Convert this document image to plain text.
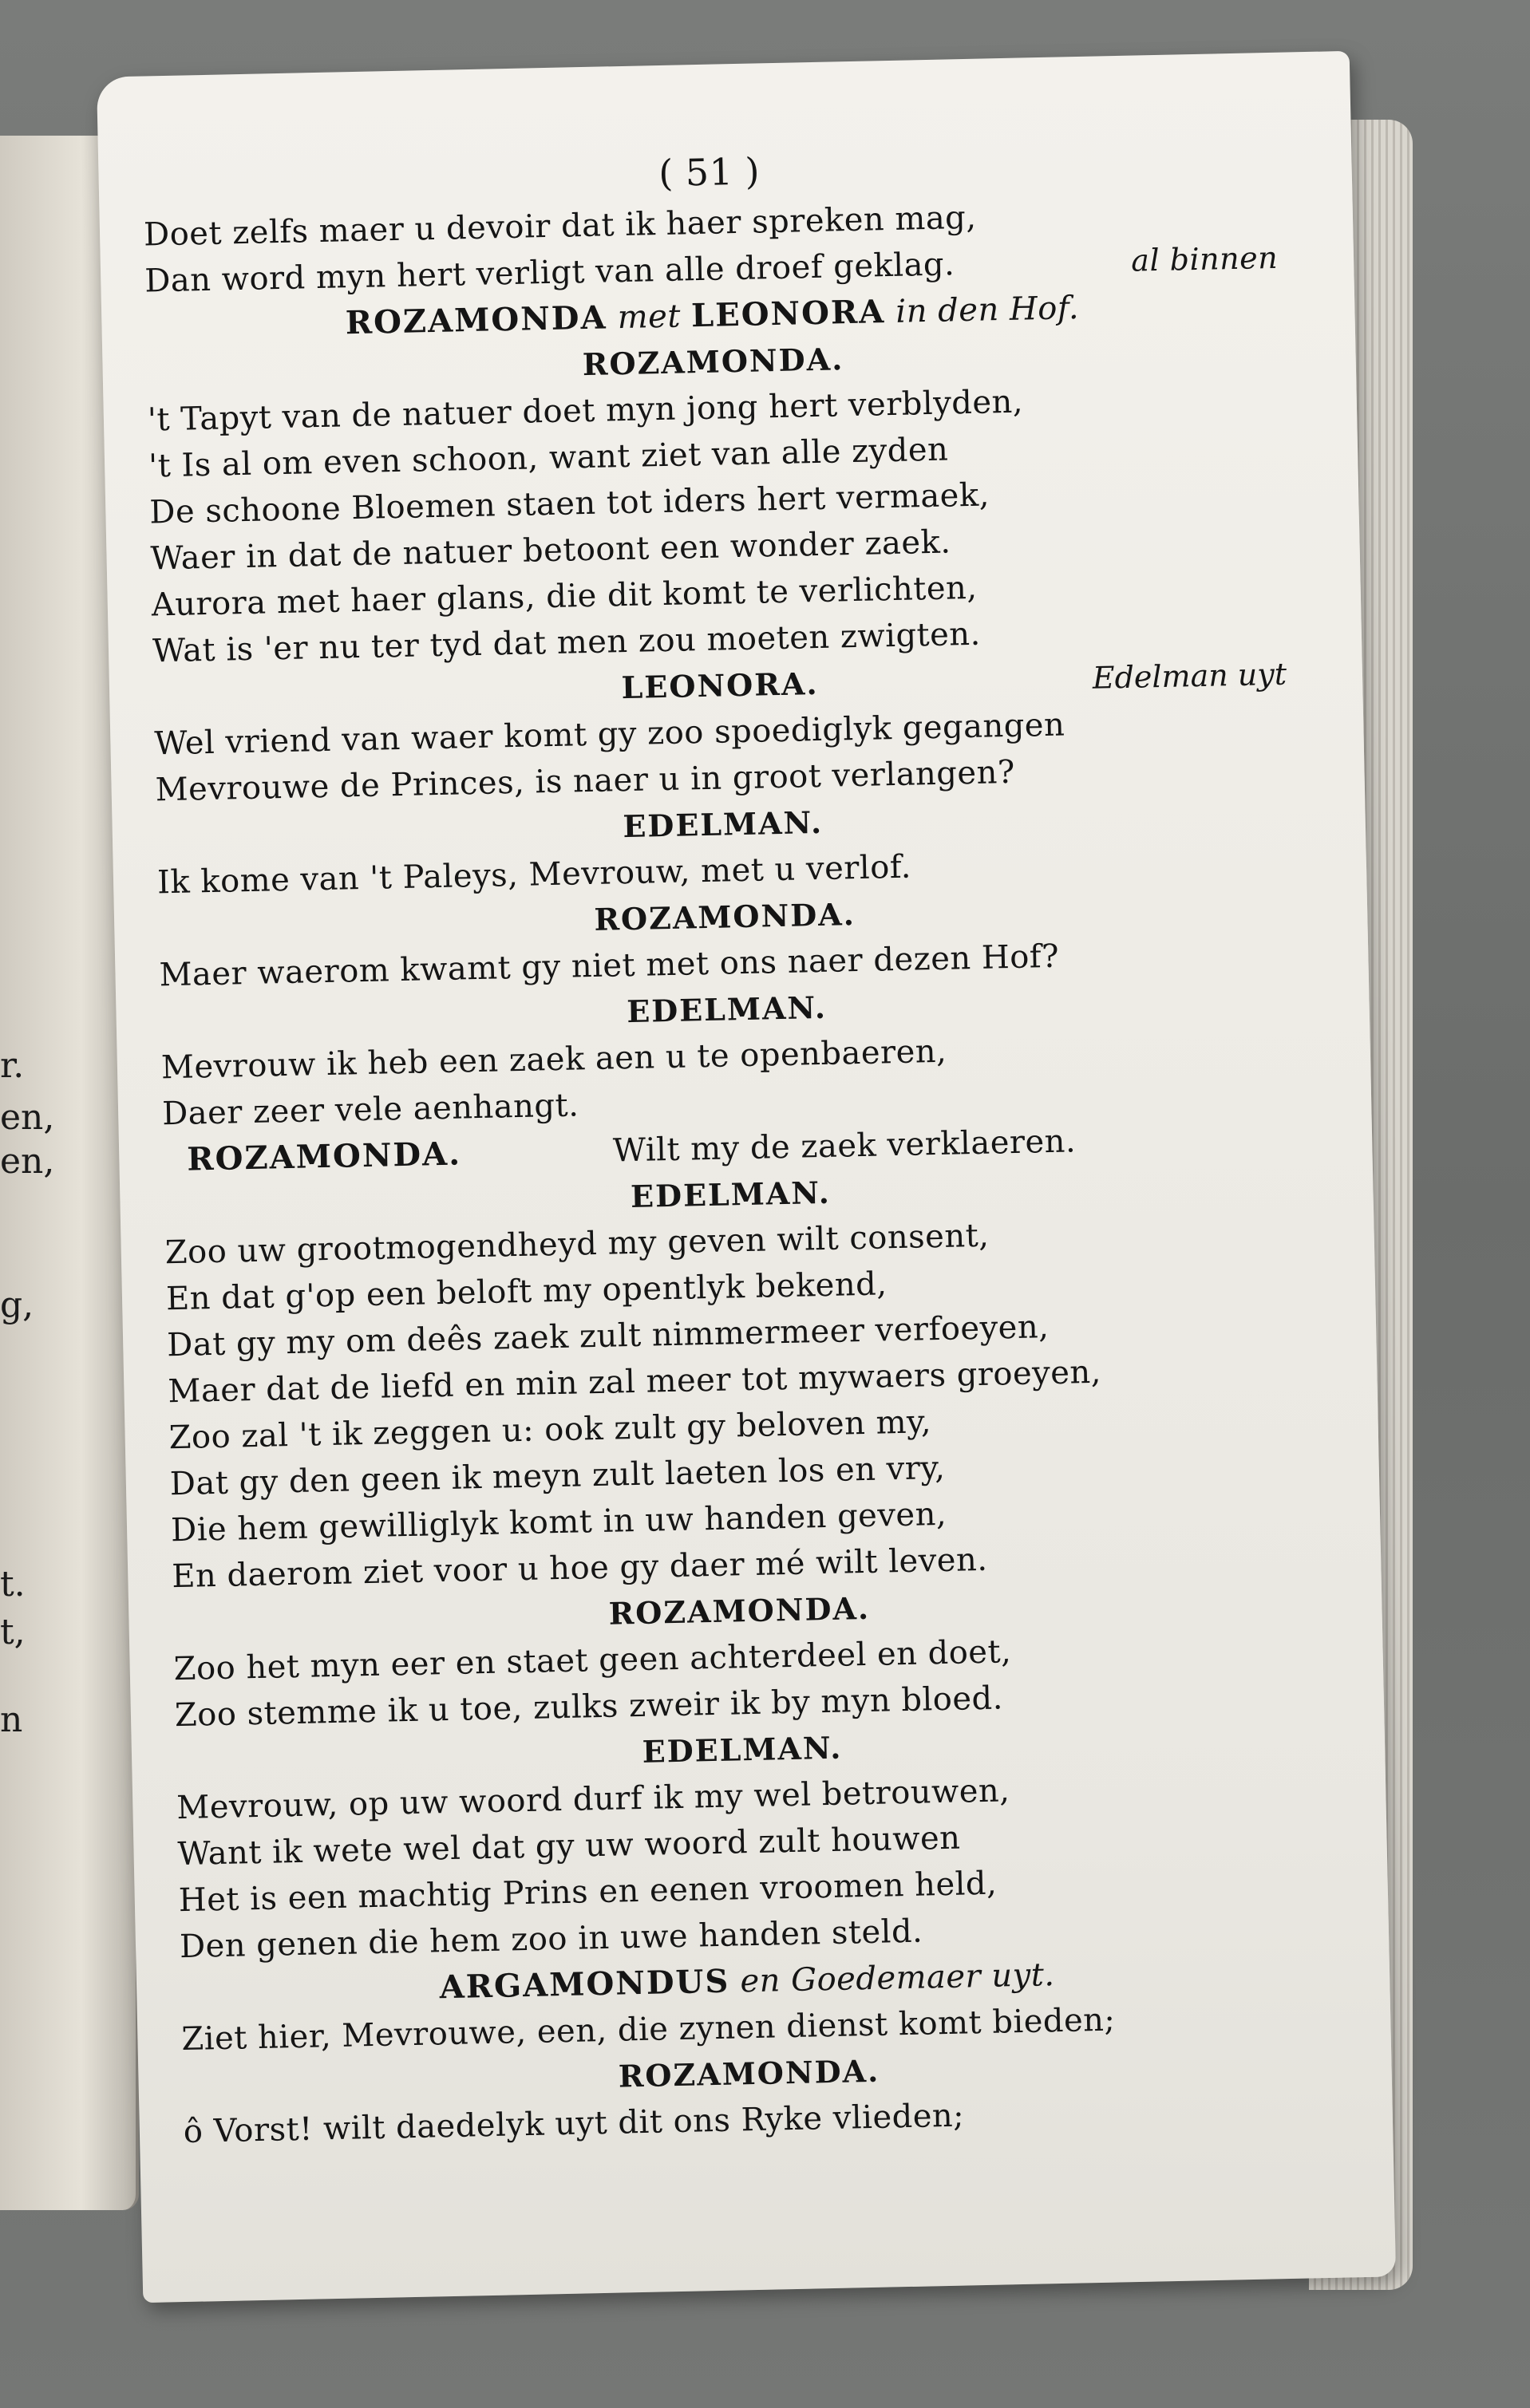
r.
en,
en,
g,
t.
t,
n
( 51 )
Doet zelfs maer u devoir dat ik haer spreken mag,
Dan word myn hert verligt van alle droef geklag.	al binnen
ROZAMONDA met LEONORA in den Hof.
ROZAMONDA.
't Tapyt van de natuer doet myn jong hert verblyden,
't Is al om even schoon, want ziet van alle zyden
De schoone Bloemen staen tot iders hert vermaek,
Waer in dat de natuer betoont een wonder zaek.
Aurora met haer glans, die dit komt te verlichten,
Wat is 'er nu ter tyd dat men zou moeten zwigten.
LEONORA.	Edelman uyt
Wel vriend van waer komt gy zoo spoediglyk gegangen
Mevrouwe de Princes, is naer u in groot verlangen?
EDELMAN.
Ik kome van 't Paleys, Mevrouw, met u verlof.
ROZAMONDA.
Maer waerom kwamt gy niet met ons naer dezen Hof?
EDELMAN.
Mevrouw ik heb een zaek aen u te openbaeren,
Daer zeer vele aenhangt.
ROZAMONDA.	Wilt my de zaek verklaeren.
EDELMAN.
Zoo uw grootmogendheyd my geven wilt consent,
En dat g'op een beloft my opentlyk bekend,
Dat gy my om deês zaek zult nimmermeer verfoeyen,
Maer dat de liefd en min zal meer tot mywaers groeyen,
Zoo zal 't ik zeggen u: ook zult gy beloven my,
Dat gy den geen ik meyn zult laeten los en vry,
Die hem gewilliglyk komt in uw handen geven,
En daerom ziet voor u hoe gy daer mé wilt leven.
ROZAMONDA.
Zoo het myn eer en staet geen achterdeel en doet,
Zoo stemme ik u toe, zulks zweir ik by myn bloed.
EDELMAN.
Mevrouw, op uw woord durf ik my wel betrouwen,
Want ik wete wel dat gy uw woord zult houwen
Het is een machtig Prins en eenen vroomen held,
Den genen die hem zoo in uwe handen steld.
ARGAMONDUS en Goedemaer uyt.
Ziet hier, Mevrouwe, een, die zynen dienst komt bieden;
ROZAMONDA.
ô Vorst! wilt daedelyk uyt dit ons Ryke vlieden;
